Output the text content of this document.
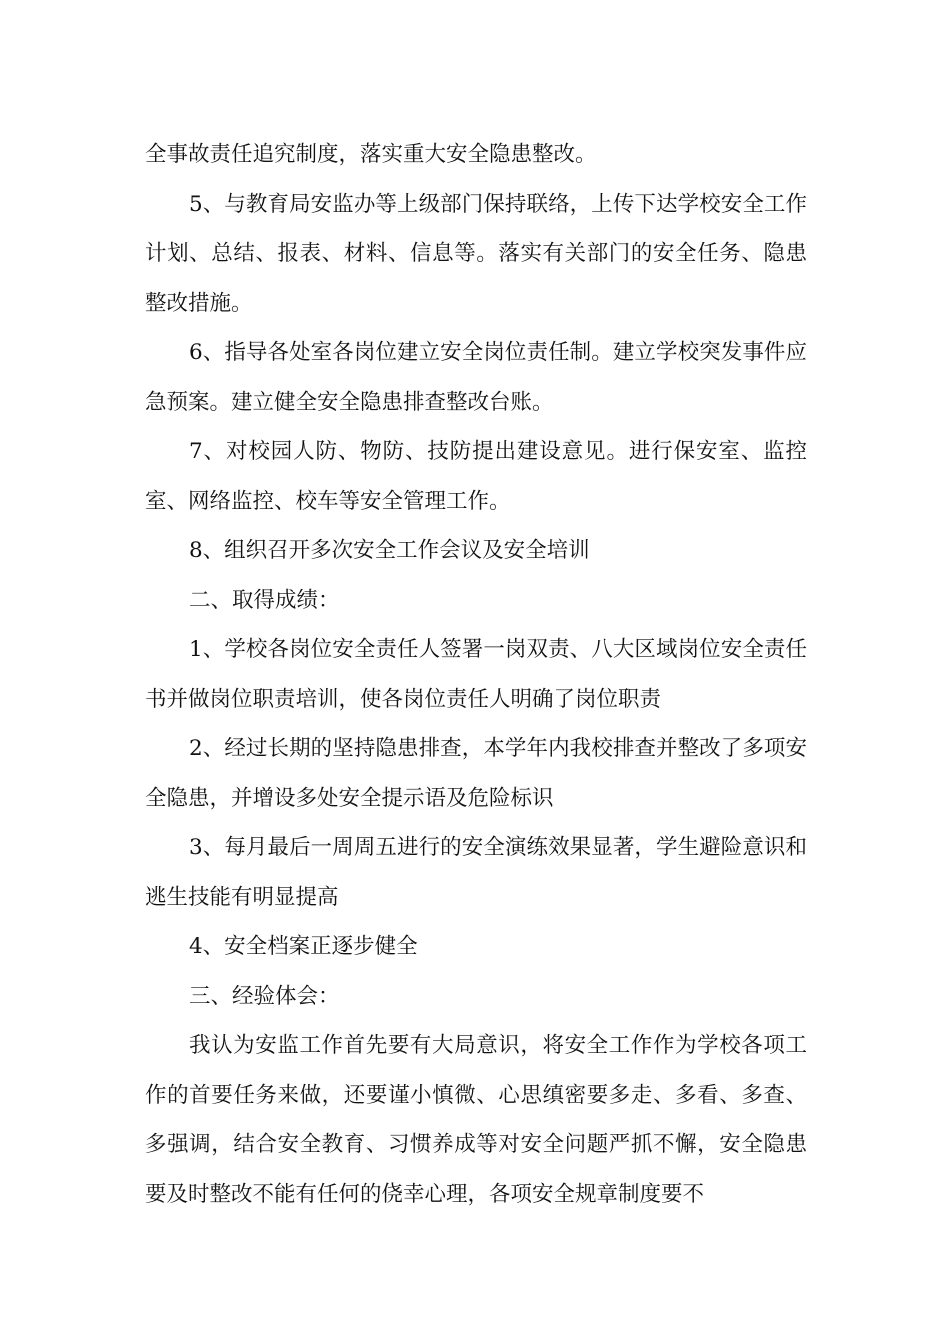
全事故责任追究制度，落实重大安全隐患整改。

5、与教育局安监办等上级部门保持联络，上传下达学校安全工作计划、总结、报表、材料、信息等。落实有关部门的安全任务、隐患整改措施。

6、指导各处室各岗位建立安全岗位责任制。建立学校突发事件应急预案。建立健全安全隐患排查整改台账。

7、对校园人防、物防、技防提出建设意见。进行保安室、监控室、网络监控、校车等安全管理工作。

8、组织召开多次安全工作会议及安全培训

二、取得成绩：

1、学校各岗位安全责任人签署一岗双责、八大区域岗位安全责任书并做岗位职责培训，使各岗位责任人明确了岗位职责

2、经过长期的坚持隐患排查，本学年内我校排查并整改了多项安全隐患，并增设多处安全提示语及危险标识

3、每月最后一周周五进行的安全演练效果显著，学生避险意识和逃生技能有明显提高

4、安全档案正逐步健全

三、经验体会：

我认为安监工作首先要有大局意识，将安全工作作为学校各项工作的首要任务来做，还要谨小慎微、心思缜密要多走、多看、多查、多强调，结合安全教育、习惯养成等对安全问题严抓不懈，安全隐患要及时整改不能有任何的侥幸心理，各项安全规章制度要不
